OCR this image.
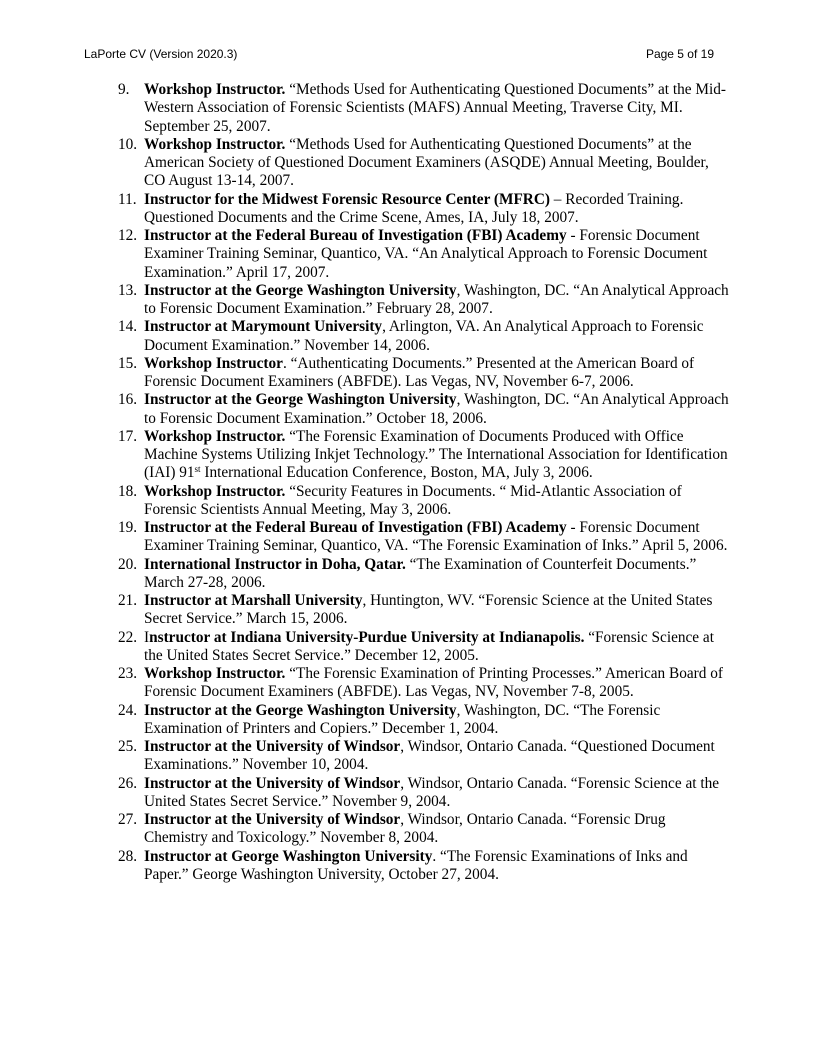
LaPorte CV (Version 2020.3)	Page 5 of 19
9. Workshop Instructor. “Methods Used for Authenticating Questioned Documents” at the Mid-Western Association of Forensic Scientists (MAFS) Annual Meeting, Traverse City, MI. September 25, 2007.
10. Workshop Instructor. “Methods Used for Authenticating Questioned Documents” at the American Society of Questioned Document Examiners (ASQDE) Annual Meeting, Boulder, CO August 13-14, 2007.
11. Instructor for the Midwest Forensic Resource Center (MFRC) – Recorded Training. Questioned Documents and the Crime Scene, Ames, IA, July 18, 2007.
12. Instructor at the Federal Bureau of Investigation (FBI) Academy - Forensic Document Examiner Training Seminar, Quantico, VA. “An Analytical Approach to Forensic Document Examination.” April 17, 2007.
13. Instructor at the George Washington University, Washington, DC. “An Analytical Approach to Forensic Document Examination.” February 28, 2007.
14. Instructor at Marymount University, Arlington, VA. An Analytical Approach to Forensic Document Examination.” November 14, 2006.
15. Workshop Instructor. “Authenticating Documents.” Presented at the American Board of Forensic Document Examiners (ABFDE). Las Vegas, NV, November 6-7, 2006.
16. Instructor at the George Washington University, Washington, DC. “An Analytical Approach to Forensic Document Examination.” October 18, 2006.
17. Workshop Instructor. “The Forensic Examination of Documents Produced with Office Machine Systems Utilizing Inkjet Technology.” The International Association for Identification (IAI) 91st International Education Conference, Boston, MA, July 3, 2006.
18. Workshop Instructor. “Security Features in Documents. “ Mid-Atlantic Association of Forensic Scientists Annual Meeting, May 3, 2006.
19. Instructor at the Federal Bureau of Investigation (FBI) Academy - Forensic Document Examiner Training Seminar, Quantico, VA. “The Forensic Examination of Inks.” April 5, 2006.
20. International Instructor in Doha, Qatar. “The Examination of Counterfeit Documents.” March 27-28, 2006.
21. Instructor at Marshall University, Huntington, WV. “Forensic Science at the United States Secret Service.” March 15, 2006.
22. Instructor at Indiana University-Purdue University at Indianapolis. “Forensic Science at the United States Secret Service.” December 12, 2005.
23. Workshop Instructor. “The Forensic Examination of Printing Processes.” American Board of Forensic Document Examiners (ABFDE). Las Vegas, NV, November 7-8, 2005.
24. Instructor at the George Washington University, Washington, DC. “The Forensic Examination of Printers and Copiers.” December 1, 2004.
25. Instructor at the University of Windsor, Windsor, Ontario Canada. “Questioned Document Examinations.” November 10, 2004.
26. Instructor at the University of Windsor, Windsor, Ontario Canada. “Forensic Science at the United States Secret Service.” November 9, 2004.
27. Instructor at the University of Windsor, Windsor, Ontario Canada. “Forensic Drug Chemistry and Toxicology.” November 8, 2004.
28. Instructor at George Washington University. “The Forensic Examinations of Inks and Paper.” George Washington University, October 27, 2004.
